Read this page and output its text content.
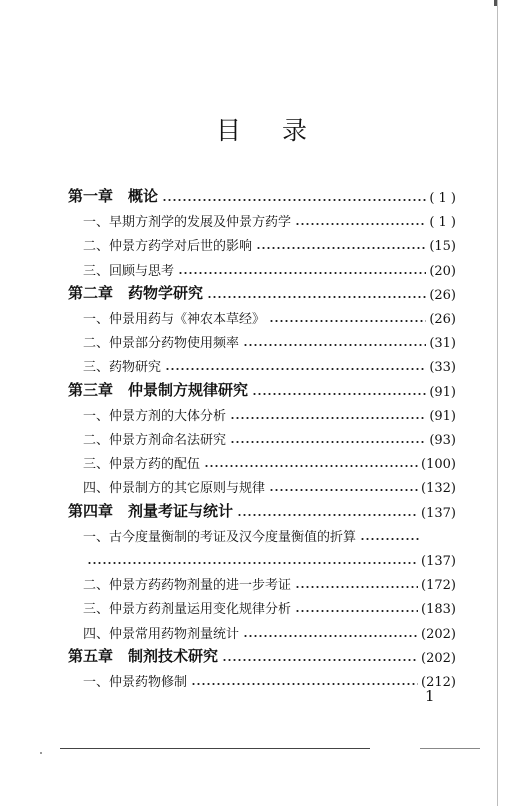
目 录
第一章　概论	( 1 )
一、早期方剂学的发展及仲景方药学	( 1 )
二、仲景方药学对后世的影响	(15)
三、回顾与思考	(20)
第二章　药物学研究	(26)
一、仲景用药与《神农本草经》	(26)
二、仲景部分药物使用频率	(31)
三、药物研究	(33)
第三章　仲景制方规律研究	(91)
一、仲景方剂的大体分析	(91)
二、仲景方剂命名法研究	(93)
三、仲景方药的配伍	(100)
四、仲景制方的其它原则与规律	(132)
第四章　剂量考证与统计	(137)
一、古今度量衡制的考证及汉今度量衡值的折算
(137)
二、仲景方药药物剂量的进一步考证	(172)
三、仲景方药剂量运用变化规律分析	(183)
四、仲景常用药物剂量统计	(202)
第五章　制剂技术研究	(202)
一、仲景药物修制	(212)
1
